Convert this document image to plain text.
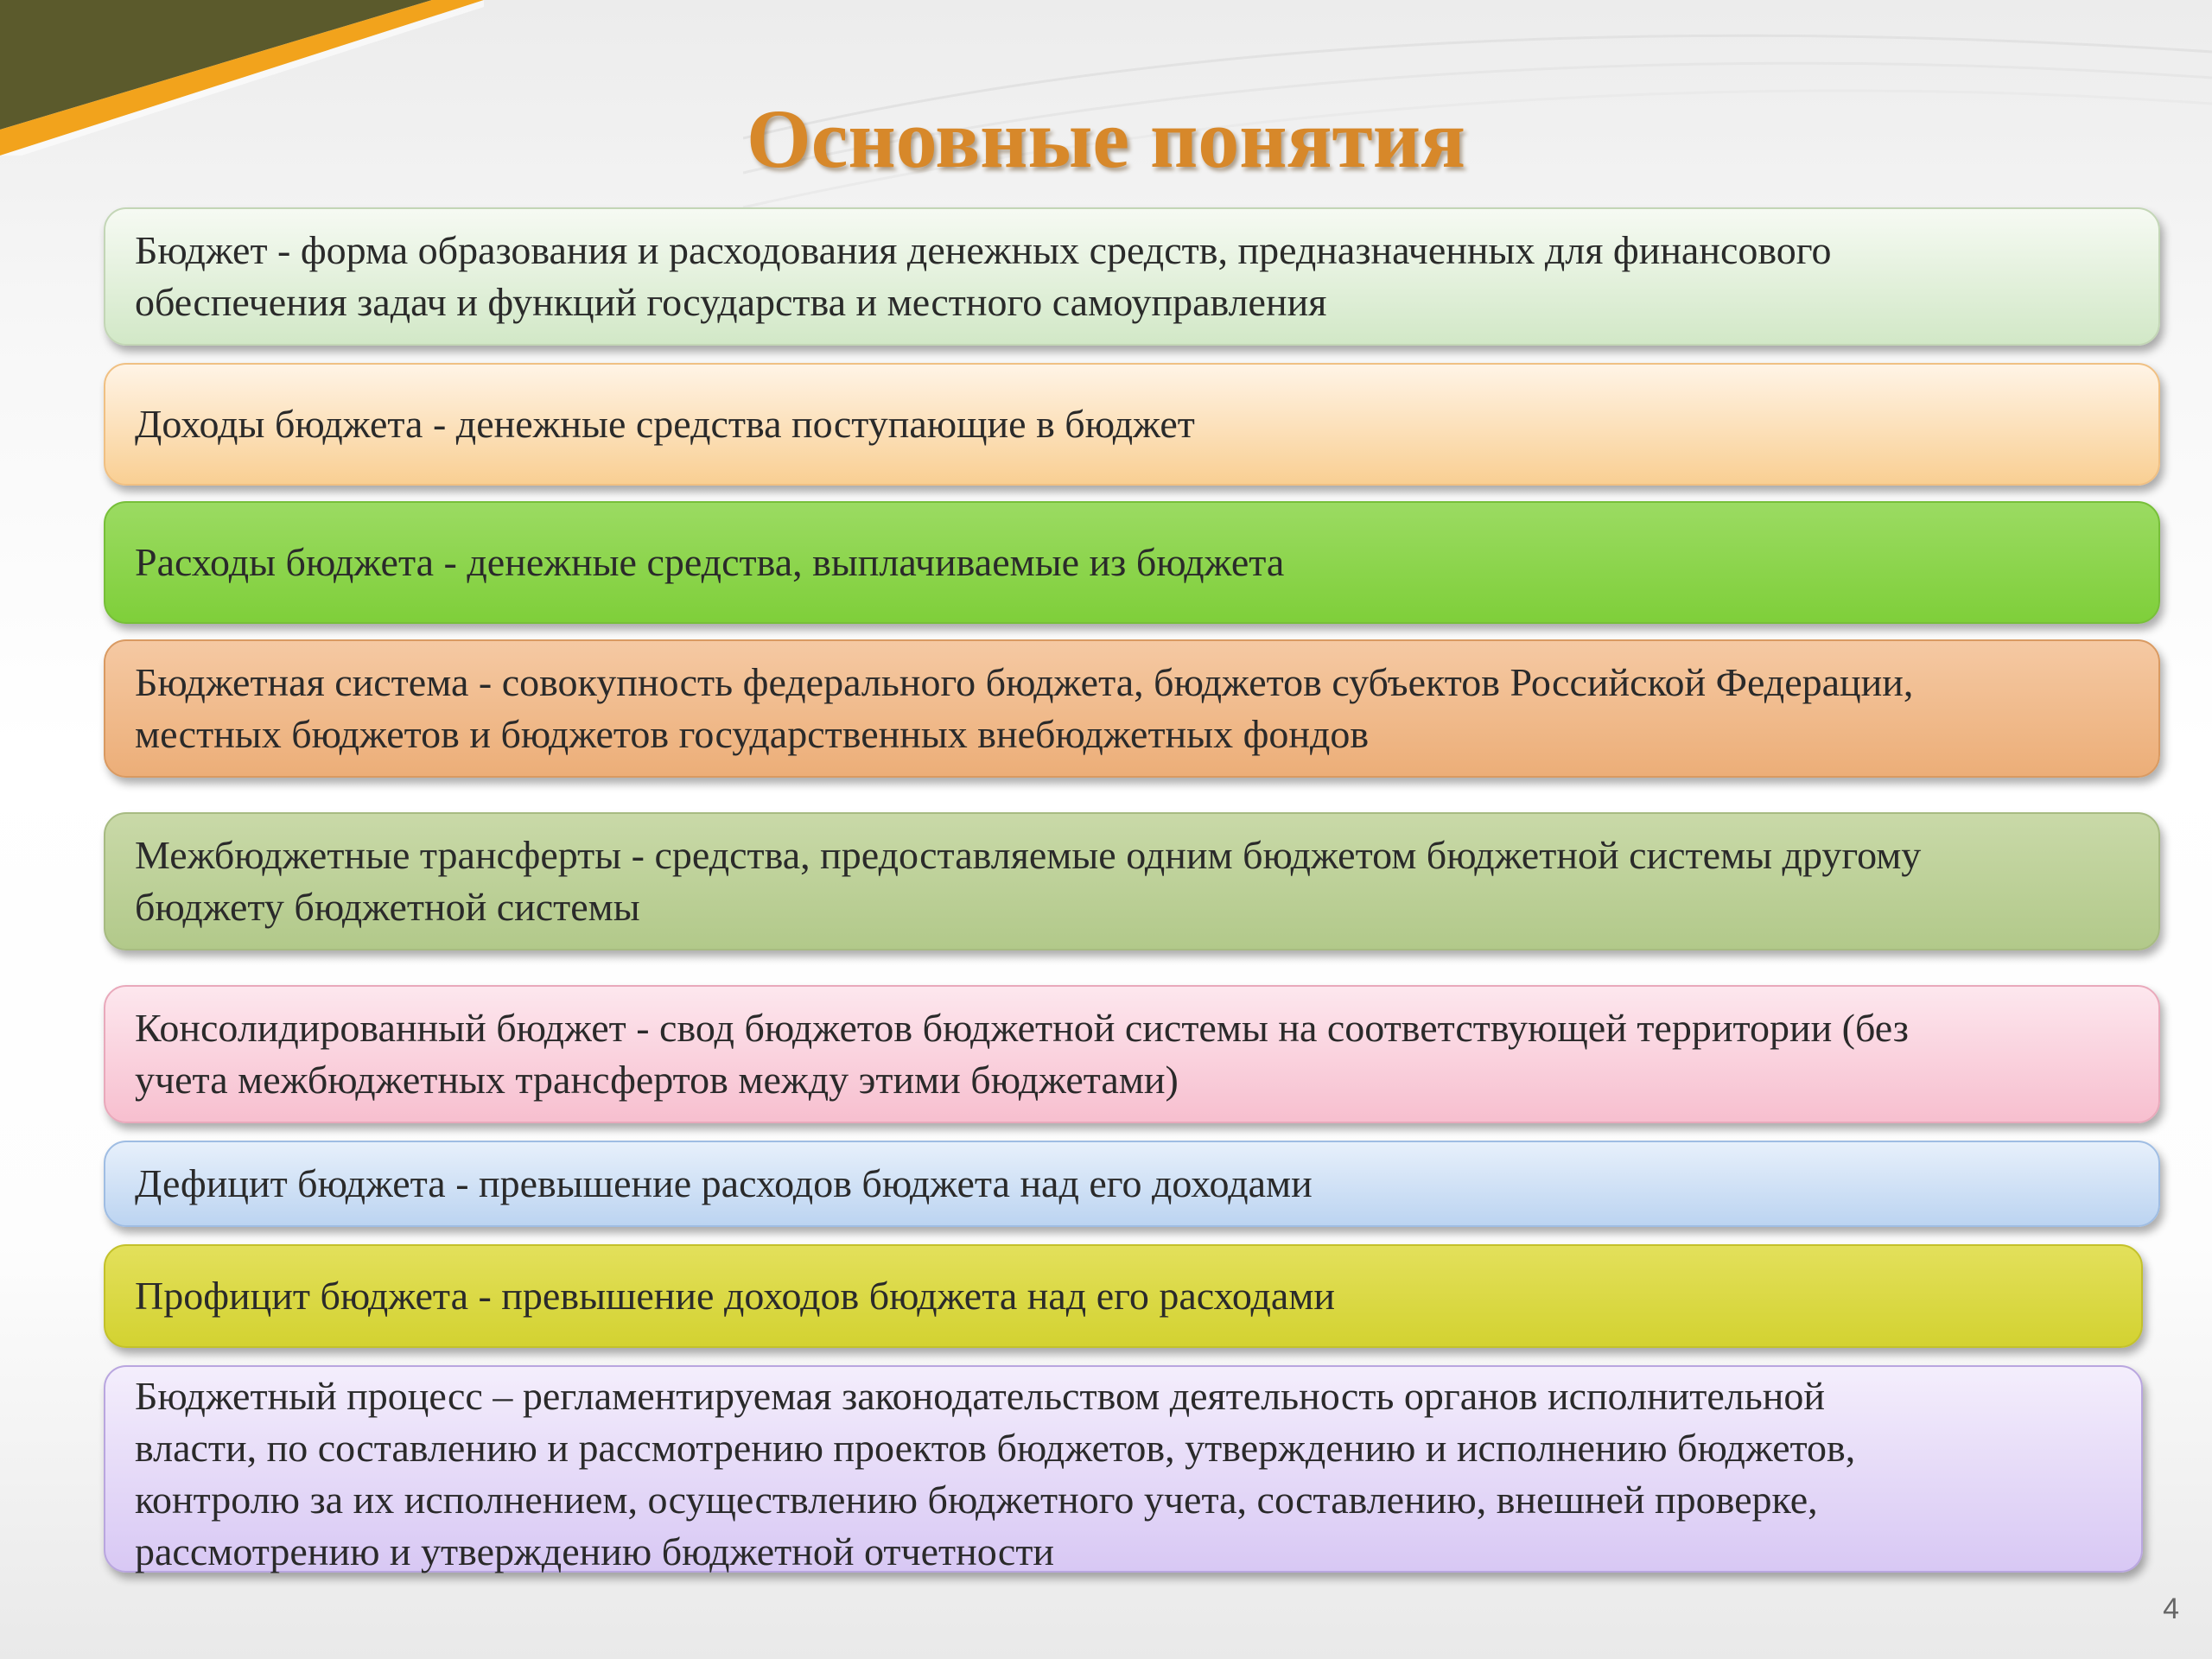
Основные понятия
Бюджет - форма образования и расходования денежных средств, предназначенных для финансового
обеспечения задач и функций государства и местного самоуправления
Доходы бюджета - денежные средства поступающие в бюджет
Расходы бюджета - денежные средства, выплачиваемые из бюджета
Бюджетная система - совокупность федерального бюджета, бюджетов субъектов Российской Федерации,
местных бюджетов и бюджетов государственных внебюджетных фондов
Межбюджетные трансферты - средства, предоставляемые одним бюджетом бюджетной системы другому
бюджету бюджетной системы
Консолидированный бюджет - свод бюджетов бюджетной системы на соответствующей территории (без
учета межбюджетных трансфертов между этими бюджетами)
Дефицит бюджета - превышение расходов бюджета над его доходами
Профицит бюджета - превышение доходов бюджета над его расходами
Бюджетный процесс – регламентируемая законодательством деятельность органов исполнительной
власти, по составлению и рассмотрению проектов бюджетов, утверждению и исполнению бюджетов,
контролю за их исполнением, осуществлению бюджетного учета, составлению, внешней проверке,
рассмотрению и утверждению бюджетной отчетности
4
